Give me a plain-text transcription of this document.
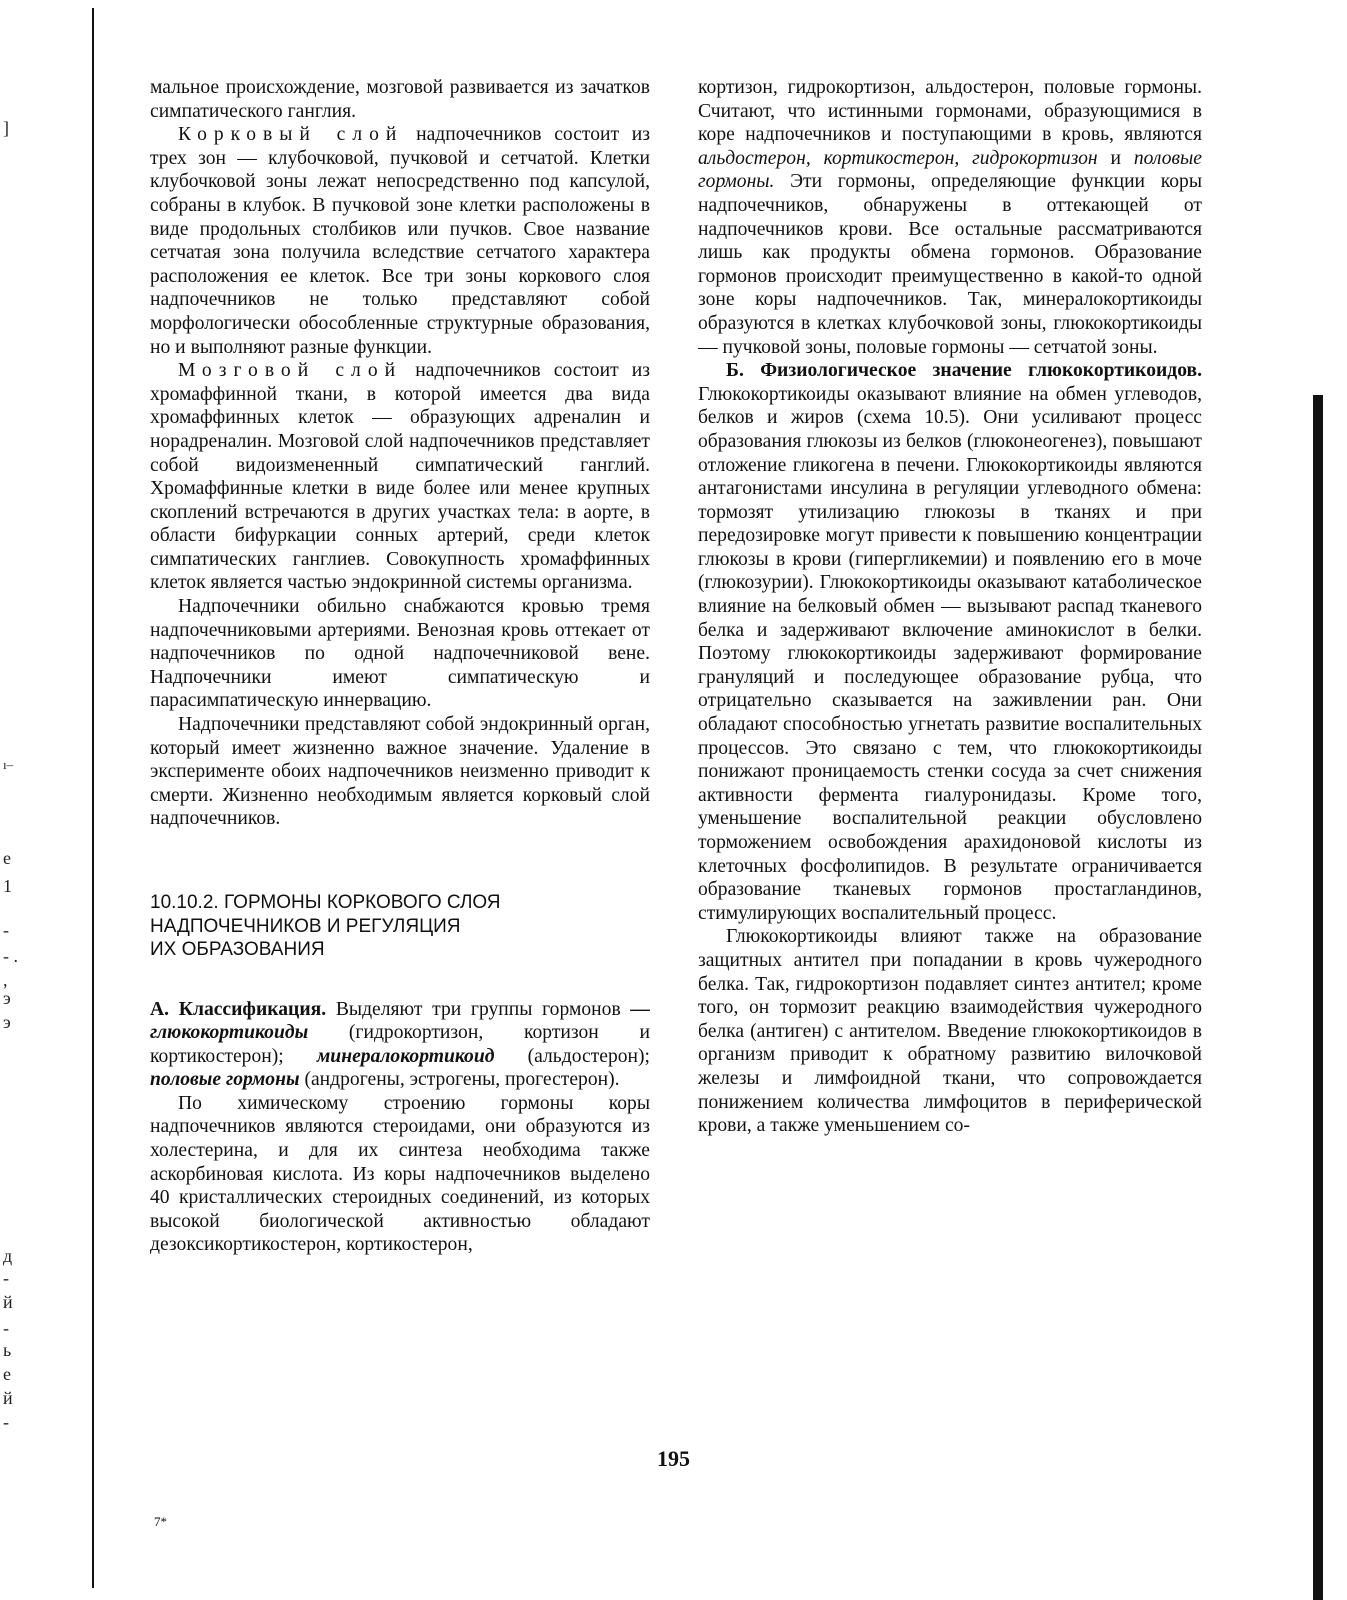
]
ı–
е
1
-
- .
,
э
э
д
-
й
-
ь
е
й
-

мальное происхождение, мозговой развивается из зачатков симпатического ганглия.

Корковый слой надпочечников состоит из трех зон — клубочковой, пучковой и сетчатой. Клетки клубочковой зоны лежат непосредственно под капсулой, собраны в клубок. В пучковой зоне клетки расположены в виде продольных столбиков или пучков. Свое название сетчатая зона получила вследствие сетчатого характера расположения ее клеток. Все три зоны коркового слоя надпочечников не только представляют собой морфологически обособленные структурные образования, но и выполняют разные функции.

Мозговой слой надпочечников состоит из хромаффинной ткани, в которой имеется два вида хромаффинных клеток — образующих адреналин и норадреналин. Мозговой слой надпочечников представляет собой видоизмененный симпатический ганглий. Хромаффинные клетки в виде более или менее крупных скоплений встречаются в других участках тела: в аорте, в области бифуркации сонных артерий, среди клеток симпатических ганглиев. Совокупность хромаффинных клеток является частью эндокринной системы организма.

Надпочечники обильно снабжаются кровью тремя надпочечниковыми артериями. Венозная кровь оттекает от надпочечников по одной надпочечниковой вене. Надпочечники имеют симпатическую и парасимпатическую иннервацию.

Надпочечники представляют собой эндокринный орган, который имеет жизненно важное значение. Удаление в эксперименте обоих надпочечников неизменно приводит к смерти. Жизненно необходимым является корковый слой надпочечников.

10.10.2. ГОРМОНЫ КОРКОВОГО СЛОЯ
НАДПОЧЕЧНИКОВ И РЕГУЛЯЦИЯ
ИХ ОБРАЗОВАНИЯ

А. Классификация. Выделяют три группы гормонов —глюкокортикоиды (гидрокортизон, кортизон и кортикостерон); минералокортикоид (альдостерон); половые гормоны (андрогены, эстрогены, прогестерон).

По химическому строению гормоны коры надпочечников являются стероидами, они образуются из холестерина, и для их синтеза необходима также аскорбиновая кислота. Из коры надпочечников выделено 40 кристаллических стероидных соединений, из которых высокой биологической активностью обладают дезоксикортикостерон, кортикостерон,

кортизон, гидрокортизон, альдостерон, половые гормоны. Считают, что истинными гормонами, образующимися в коре надпочечников и поступающими в кровь, являются альдостерон, кортикостерон, гидрокортизон и половые гормоны. Эти гормоны, определяющие функции коры надпочечников, обнаружены в оттекающей от надпочечников крови. Все остальные рассматриваются лишь как продукты обмена гормонов. Образование гормонов происходит преимущественно в какой-то одной зоне коры надпочечников. Так, минералокортикоиды образуются в клетках клубочковой зоны, глюкокортикоиды — пучковой зоны, половые гормоны — сетчатой зоны.

Б. Физиологическое значение глюкокортикоидов. Глюкокортикоиды оказывают влияние на обмен углеводов, белков и жиров (схема 10.5). Они усиливают процесс образования глюкозы из белков (глюконеогенез), повышают отложение гликогена в печени. Глюкокортикоиды являются антагонистами инсулина в регуляции углеводного обмена: тормозят утилизацию глюкозы в тканях и при передозировке могут привести к повышению концентрации глюкозы в крови (гипергликемии) и появлению его в моче (глюкозурии). Глюкокортикоиды оказывают катаболическое влияние на белковый обмен — вызывают распад тканевого белка и задерживают включение аминокислот в белки. Поэтому глюкокортикоиды задерживают формирование грануляций и последующее образование рубца, что отрицательно сказывается на заживлении ран. Они обладают способностью угнетать развитие воспалительных процессов. Это связано с тем, что глюкокортикоиды понижают проницаемость стенки сосуда за счет снижения активности фермента гиалуронидазы. Кроме того, уменьшение воспалительной реакции обусловлено торможением освобождения арахидоновой кислоты из клеточных фосфолипидов. В результате ограничивается образование тканевых гормонов простагландинов, стимулирующих воспалительный процесс.

Глюкокортикоиды влияют также на образование защитных антител при попадании в кровь чужеродного белка. Так, гидрокортизон подавляет синтез антител; кроме того, он тормозит реакцию взаимодействия чужеродного белка (антиген) с антителом. Введение глюкокортикоидов в организм приводит к обратному развитию вилочковой железы и лимфоидной ткани, что сопровождается понижением количества лимфоцитов в периферической крови, а также уменьшением со-

195
7*
